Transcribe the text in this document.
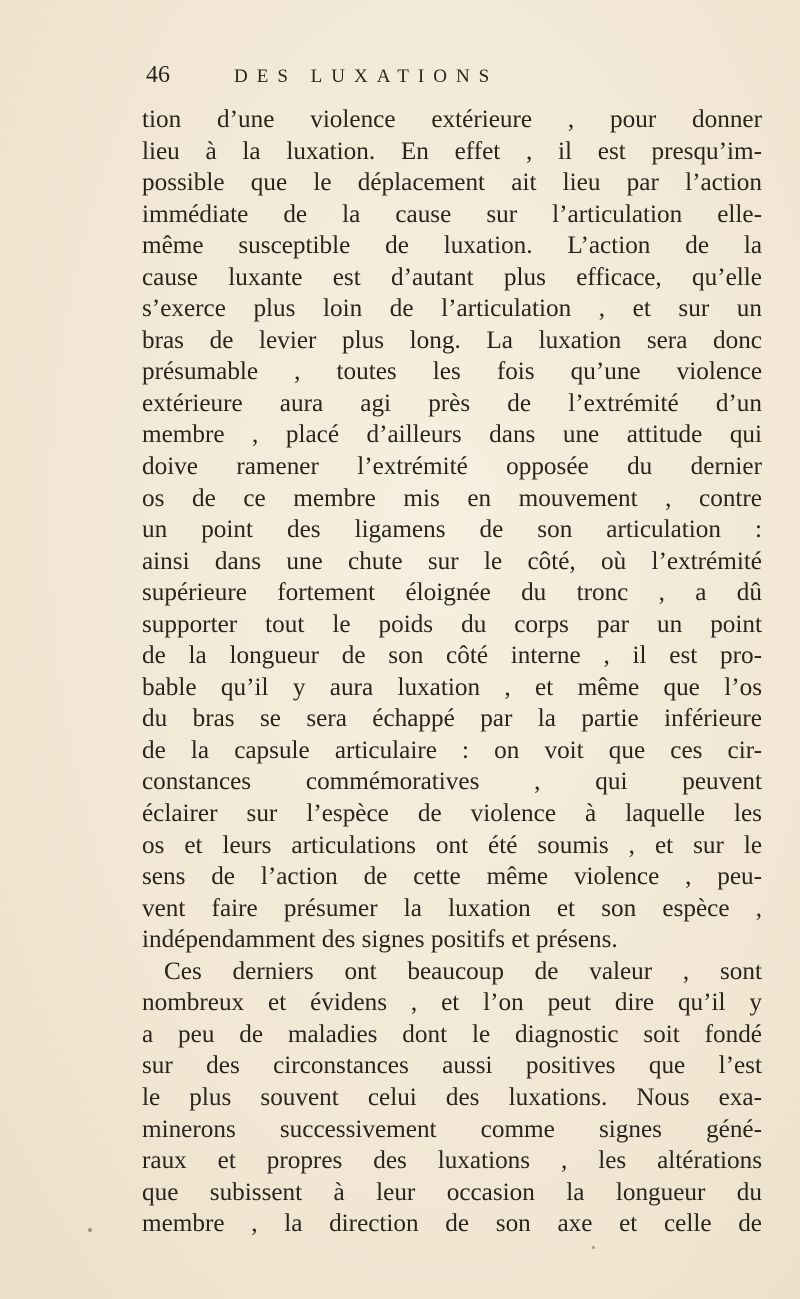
46	DES LUXATIONS
tion d’une violence extérieure , pour donner
lieu à la luxation. En effet , il est presqu’im-
possible que le déplacement ait lieu par l’action
immédiate de la cause sur l’articulation elle-
même susceptible de luxation. L’action de la
cause luxante est d’autant plus efficace, qu’elle
s’exerce plus loin de l’articulation , et sur un
bras de levier plus long. La luxation sera donc
présumable , toutes les fois qu’une violence
extérieure aura agi près de l’extrémité d’un
membre , placé d’ailleurs dans une attitude qui
doive ramener l’extrémité opposée du dernier
os de ce membre mis en mouvement , contre
un point des ligamens de son articulation :
ainsi dans une chute sur le côté, où l’extrémité
supérieure fortement éloignée du tronc , a dû
supporter tout le poids du corps par un point
de la longueur de son côté interne , il est pro-
bable qu’il y aura luxation , et même que l’os
du bras se sera échappé par la partie inférieure
de la capsule articulaire : on voit que ces cir-
constances commémoratives , qui peuvent
éclairer sur l’espèce de violence à laquelle les
os et leurs articulations ont été soumis , et sur le
sens de l’action de cette même violence , peu-
vent faire présumer la luxation et son espèce ,
indépendamment des signes positifs et présens.
Ces derniers ont beaucoup de valeur , sont
nombreux et évidens , et l’on peut dire qu’il y
a peu de maladies dont le diagnostic soit fondé
sur des circonstances aussi positives que l’est
le plus souvent celui des luxations. Nous exa-
minerons successivement comme signes géné-
raux et propres des luxations , les altérations
que subissent à leur occasion la longueur du
membre , la direction de son axe et celle de
